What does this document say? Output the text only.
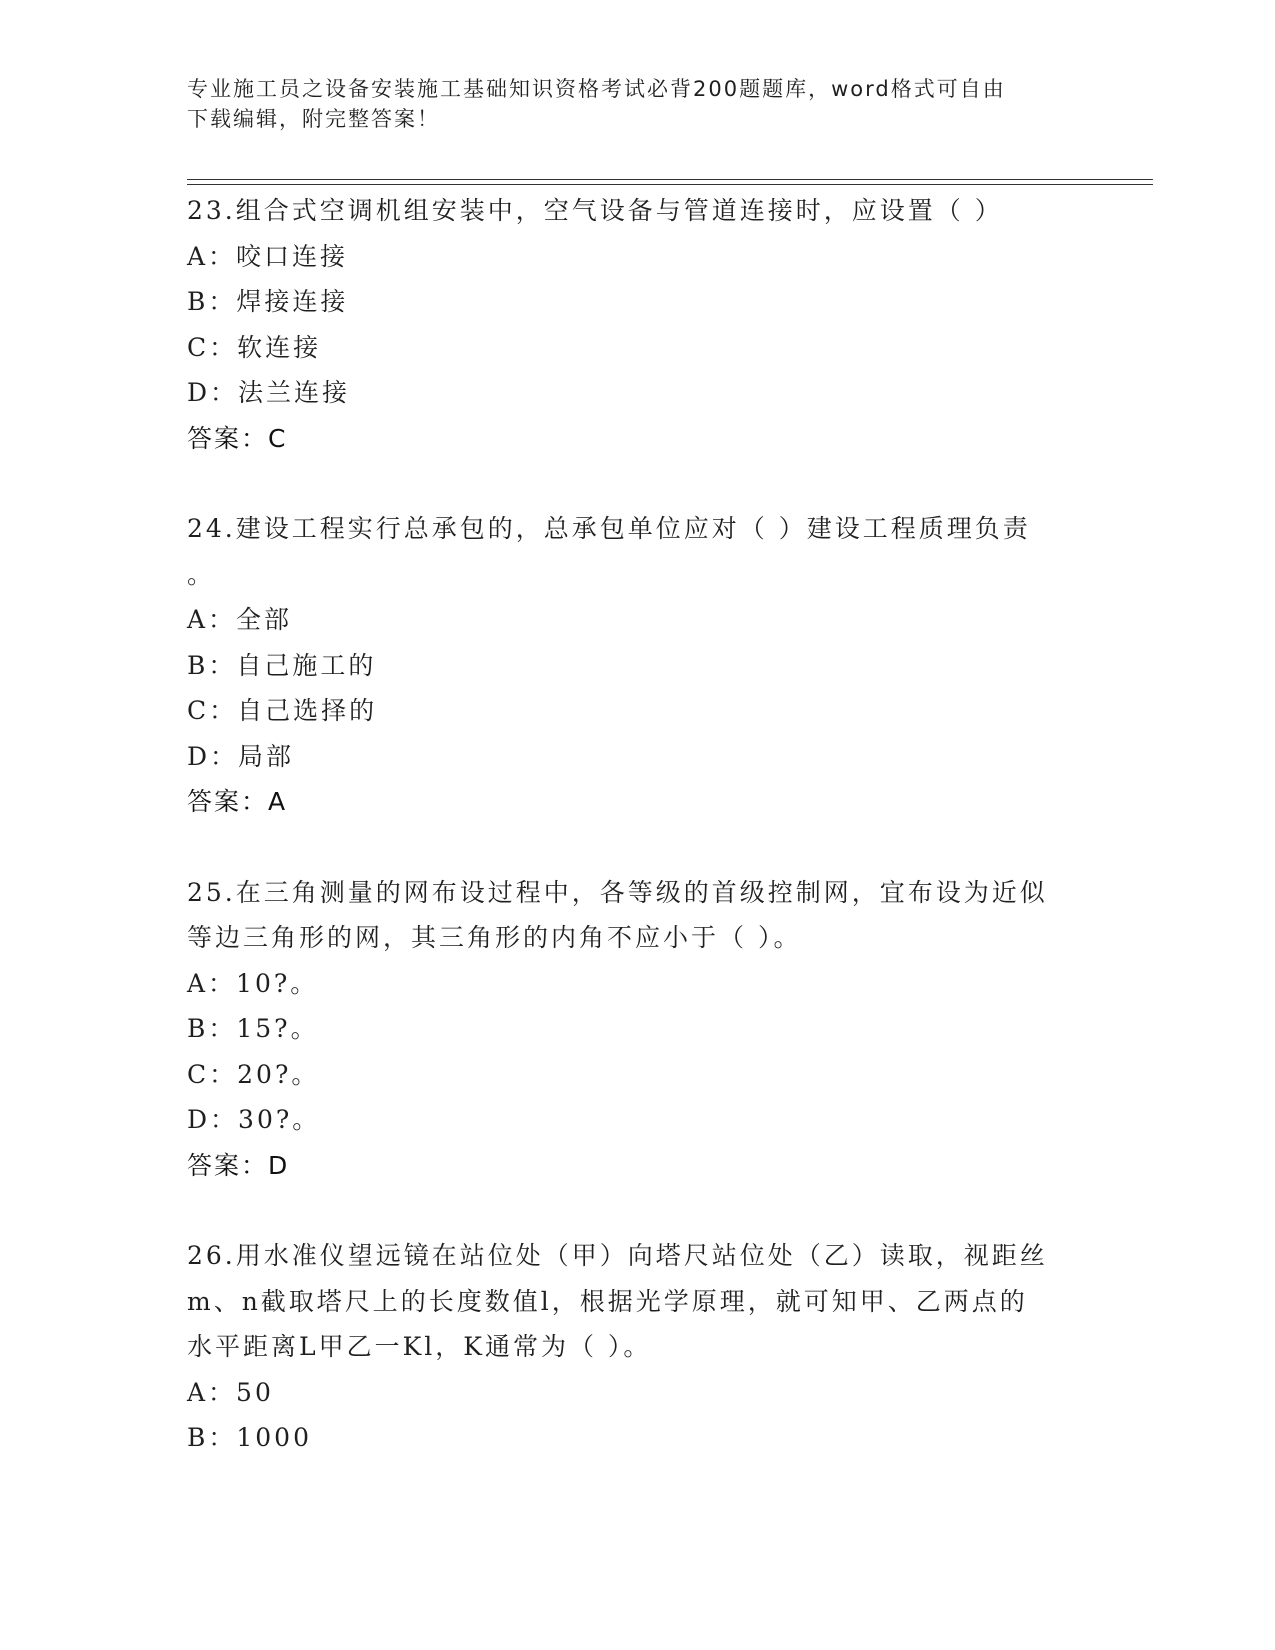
专业施工员之设备安装施工基础知识资格考试必背200题题库，word格式可自由
下载编辑，附完整答案！
23.组合式空调机组安装中，空气设备与管道连接时，应设置（ ）
A：咬口连接
B：焊接连接
C：软连接
D：法兰连接
答案：C
24.建设工程实行总承包的，总承包单位应对（ ）建设工程质理负责
。
A：全部
B：自己施工的
C：自己选择的
D：局部
答案：A
25.在三角测量的网布设过程中，各等级的首级控制网，宜布设为近似
等边三角形的网，其三角形的内角不应小于（ ）。
A：10?。
B：15?。
C：20?。
D：30?。
答案：D
26.用水准仪望远镜在站位处（甲）向塔尺站位处（乙）读取，视距丝
m、n截取塔尺上的长度数值l，根据光学原理，就可知甲、乙两点的
水平距离L甲乙一Kl，K通常为（ ）。
A：50
B：1000
